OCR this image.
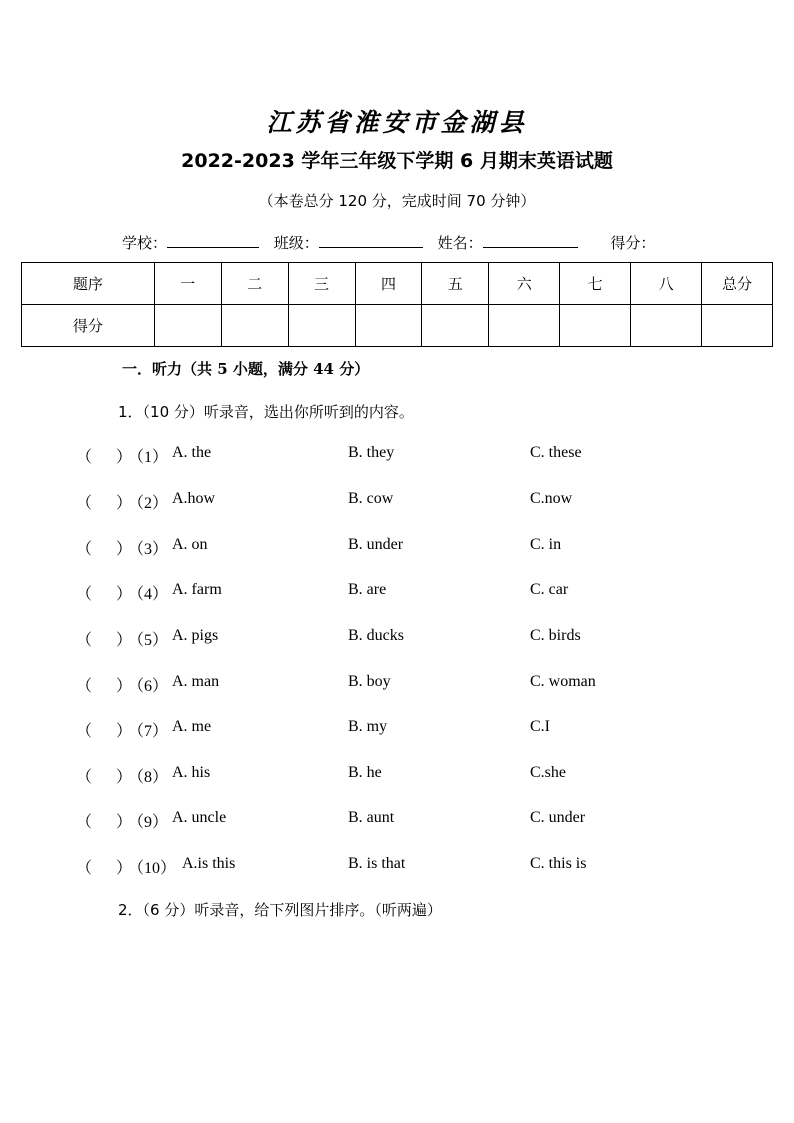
江苏省淮安市金湖县
2022-2023 学年三年级下学期 6 月期末英语试题
（本卷总分 120 分，完成时间 70 分钟）
学校：	班级：	姓名：	得分：
题序	一	二	三	四	五	六	七	八	总分
得分									
一．听力（共 5 小题，满分 44 分）
1．（10 分）听录音，选出你所听到的内容。
（ ）
（1） A. the	B. they	C. these
（ ）
（2） A.how	B. cow	C.now
（ ）
（3） A. on	B. under	C. in
（ ）
（4） A. farm	B. are	C. car
（ ）
（5） A. pigs	B. ducks	C. birds
（ ）
（6） A. man	B. boy	C. woman
（ ）
（7） A. me	B. my	C.I
（ ）
（8） A. his	B. he	C.she
（ ）
（9） A. uncle	B. aunt	C. under
（ ）
（10） A.is this	B. is that	C. this is
2．（6 分）听录音，给下列图片排序。（听两遍）
